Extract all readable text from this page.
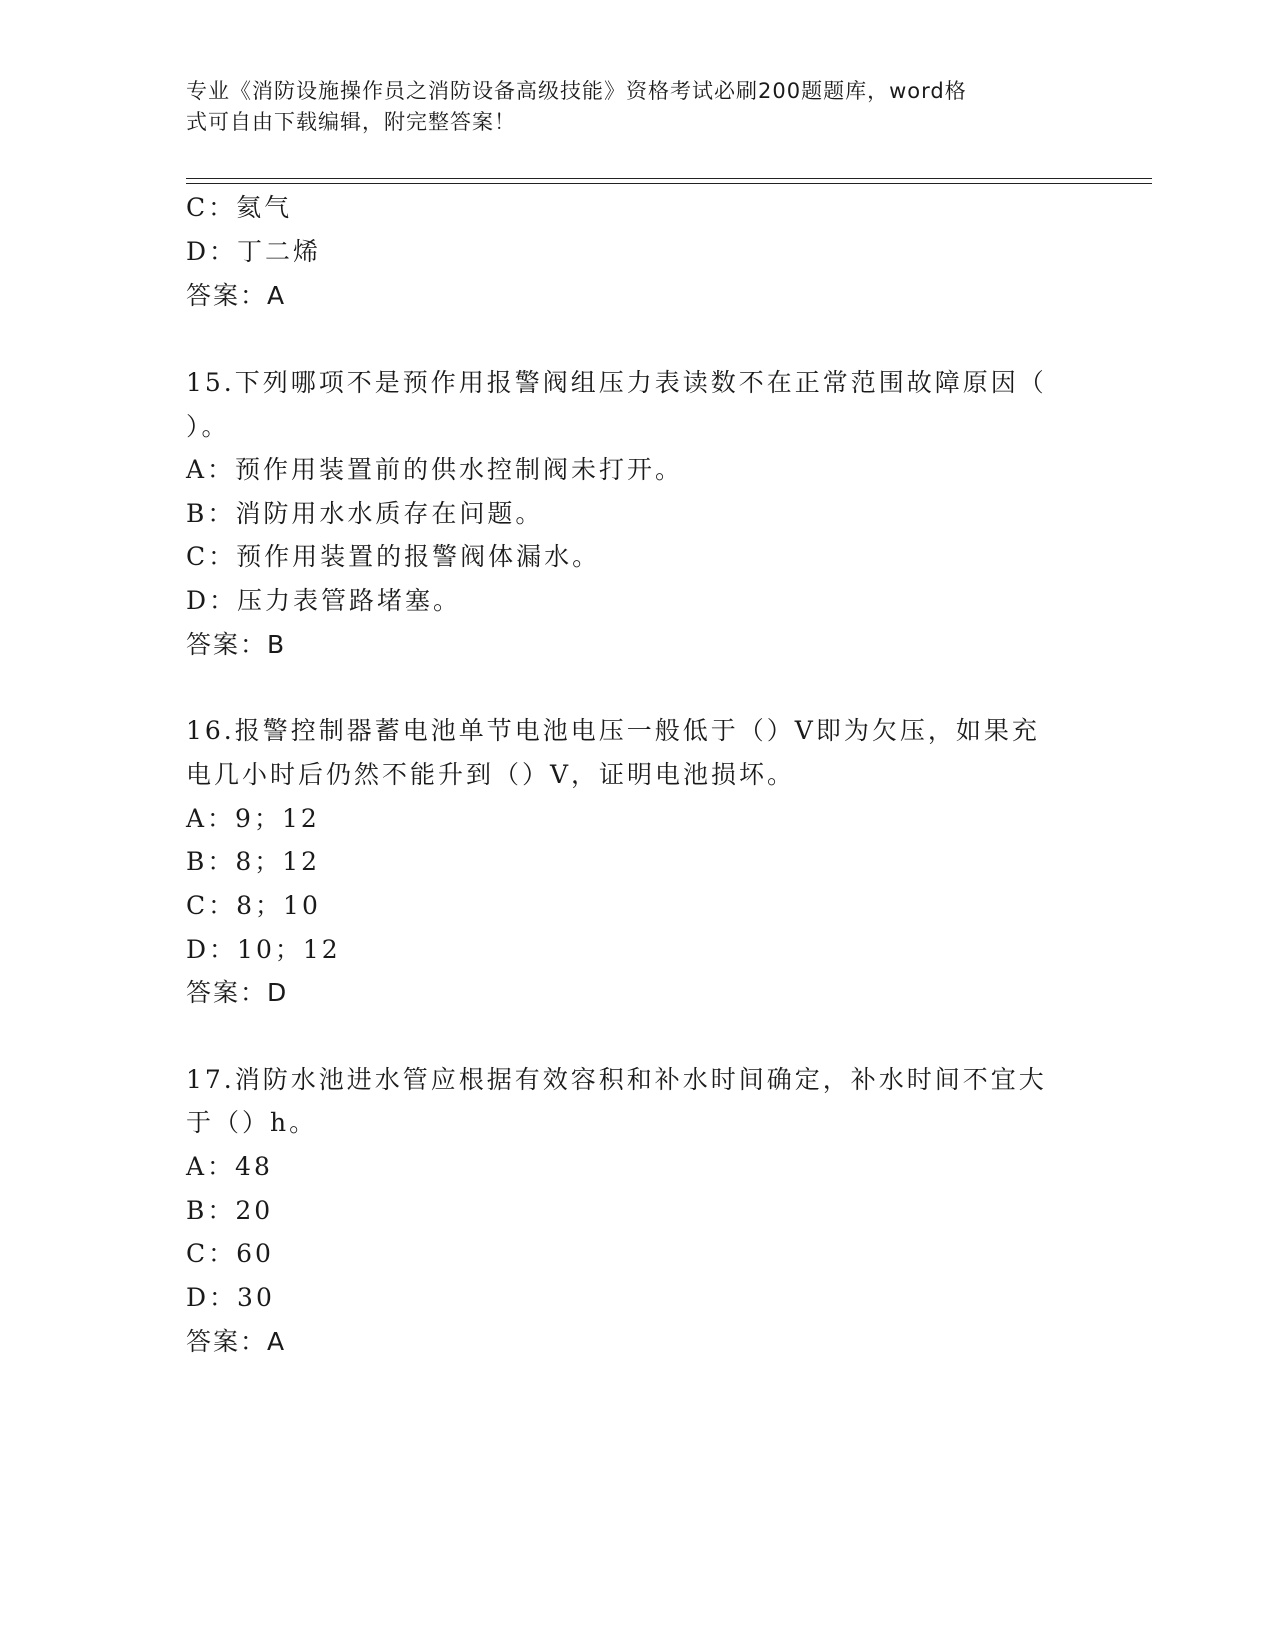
专业《消防设施操作员之消防设备高级技能》资格考试必刷200题题库，word格
式可自由下载编辑，附完整答案！
C：氦气
D：丁二烯
答案：A
15.下列哪项不是预作用报警阀组压力表读数不在正常范围故障原因（
）。
A：预作用装置前的供水控制阀未打开。
B：消防用水水质存在问题。
C：预作用装置的报警阀体漏水。
D：压力表管路堵塞。
答案：B
16.报警控制器蓄电池单节电池电压一般低于（）V即为欠压，如果充
电几小时后仍然不能升到（）V，证明电池损坏。
A：9；12
B：8；12
C：8；10
D：10；12
答案：D
17.消防水池进水管应根据有效容积和补水时间确定，补水时间不宜大
于（）h。
A：48
B：20
C：60
D：30
答案：A
